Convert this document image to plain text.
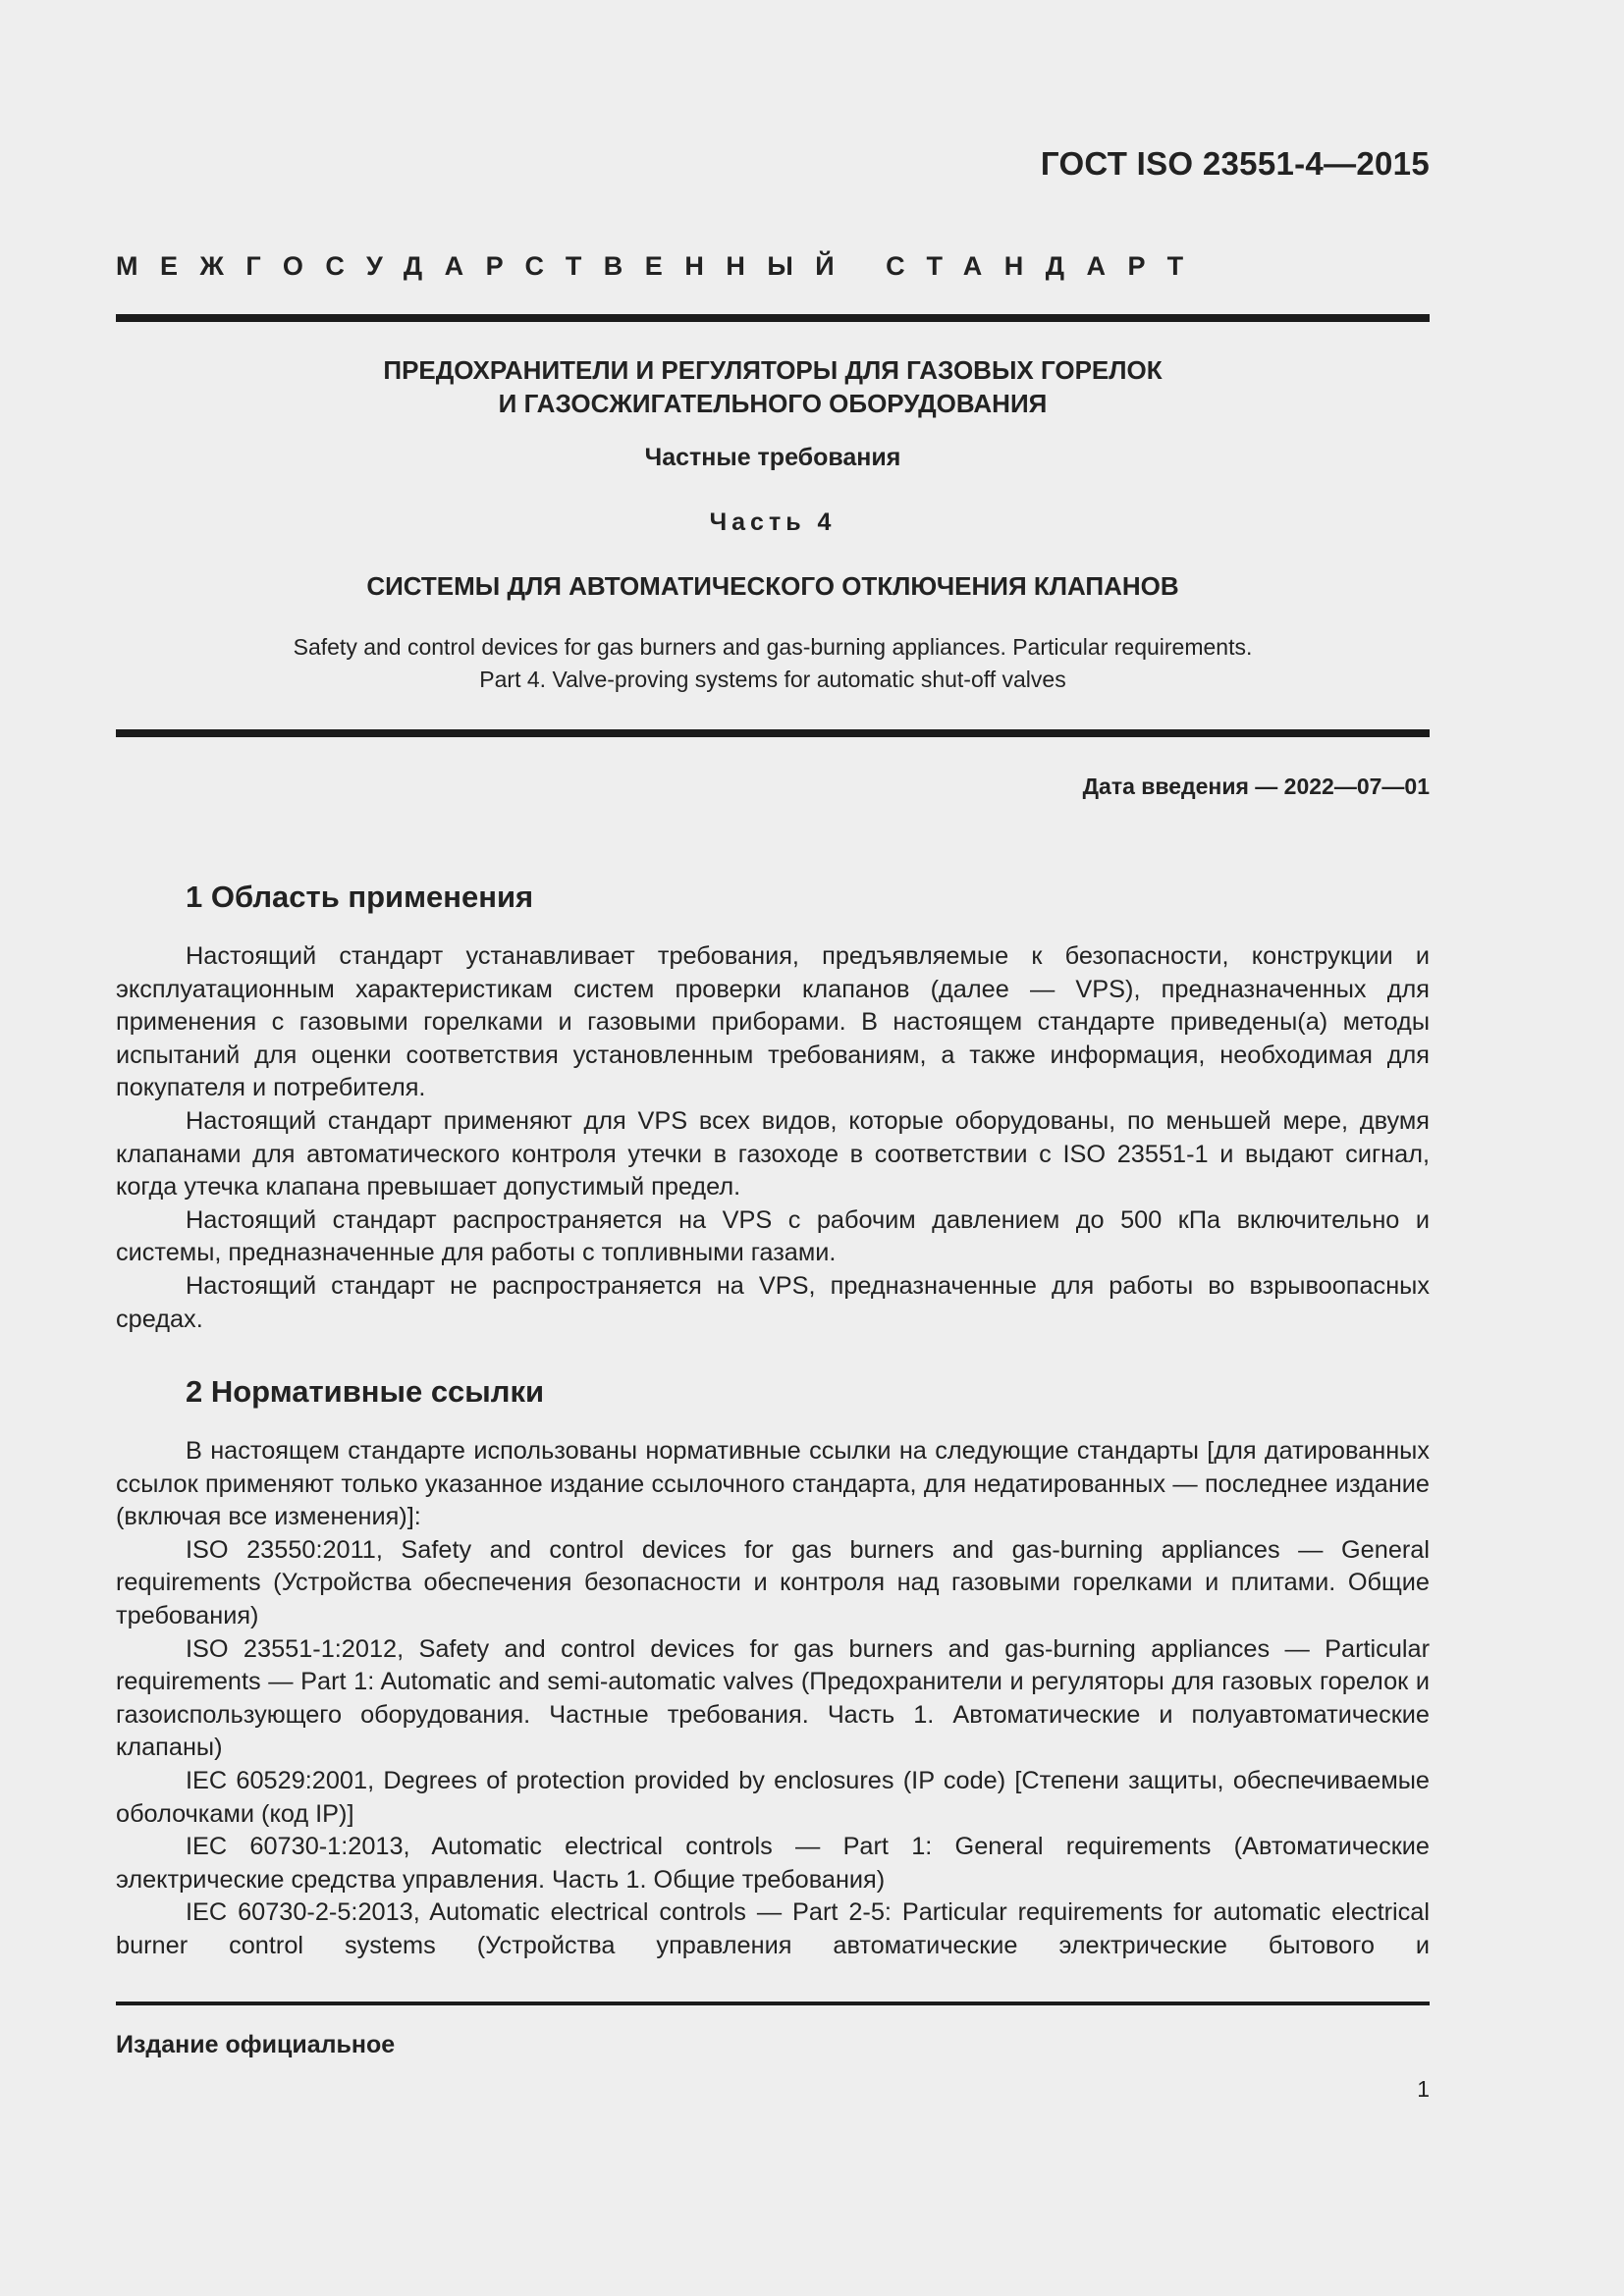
ГОСТ ISO 23551-4—2015
МЕЖГОСУДАРСТВЕННЫЙ СТАНДАРТ
ПРЕДОХРАНИТЕЛИ И РЕГУЛЯТОРЫ ДЛЯ ГАЗОВЫХ ГОРЕЛОК
И ГАЗОСЖИГАТЕЛЬНОГО ОБОРУДОВАНИЯ
Частные требования
Часть 4
СИСТЕМЫ ДЛЯ АВТОМАТИЧЕСКОГО ОТКЛЮЧЕНИЯ КЛАПАНОВ
Safety and control devices for gas burners and gas-burning appliances. Particular requirements.
Part 4. Valve-proving systems for automatic shut-off valves
Дата введения — 2022—07—01
1 Область применения

Настоящий стандарт устанавливает требования, предъявляемые к безопасности, конструкции и эксплуатационным характеристикам систем проверки клапанов (далее — VPS), предназначенных для применения с газовыми горелками и газовыми приборами. В настоящем стандарте приведены(а) методы испытаний для оценки соответствия установленным требованиям, а также информация, необходимая для покупателя и потребителя.

Настоящий стандарт применяют для VPS всех видов, которые оборудованы, по меньшей мере, двумя клапанами для автоматического контроля утечки в газоходе в соответствии с ISO 23551-1 и выдают сигнал, когда утечка клапана превышает допустимый предел.

Настоящий стандарт распространяется на VPS с рабочим давлением до 500 кПа включительно и системы, предназначенные для работы с топливными газами.

Настоящий стандарт не распространяется на VPS, предназначенные для работы во взрывоопасных средах.

2 Нормативные ссылки

В настоящем стандарте использованы нормативные ссылки на следующие стандарты [для датированных ссылок применяют только указанное издание ссылочного стандарта, для недатированных — последнее издание (включая все изменения)]:

ISO 23550:2011, Safety and control devices for gas burners and gas-burning appliances — General requirements (Устройства обеспечения безопасности и контроля над газовыми горелками и плитами. Общие требования)

ISO 23551-1:2012, Safety and control devices for gas burners and gas-burning appliances — Particular requirements — Part 1: Automatic and semi-automatic valves (Предохранители и регуляторы для газовых горелок и газоиспользующего оборудования. Частные требования. Часть 1. Автоматические и полуавтоматические клапаны)

IEC 60529:2001, Degrees of protection provided by enclosures (IP code) [Степени защиты, обеспечиваемые оболочками (код IP)]

IEC 60730-1:2013, Automatic electrical controls — Part 1: General requirements (Автоматические электрические средства управления. Часть 1. Общие требования)

IEC 60730-2-5:2013, Automatic electrical controls — Part 2-5: Particular requirements for automatic electrical burner control systems (Устройства управления автоматические электрические бытового и

Издание официальное
1
